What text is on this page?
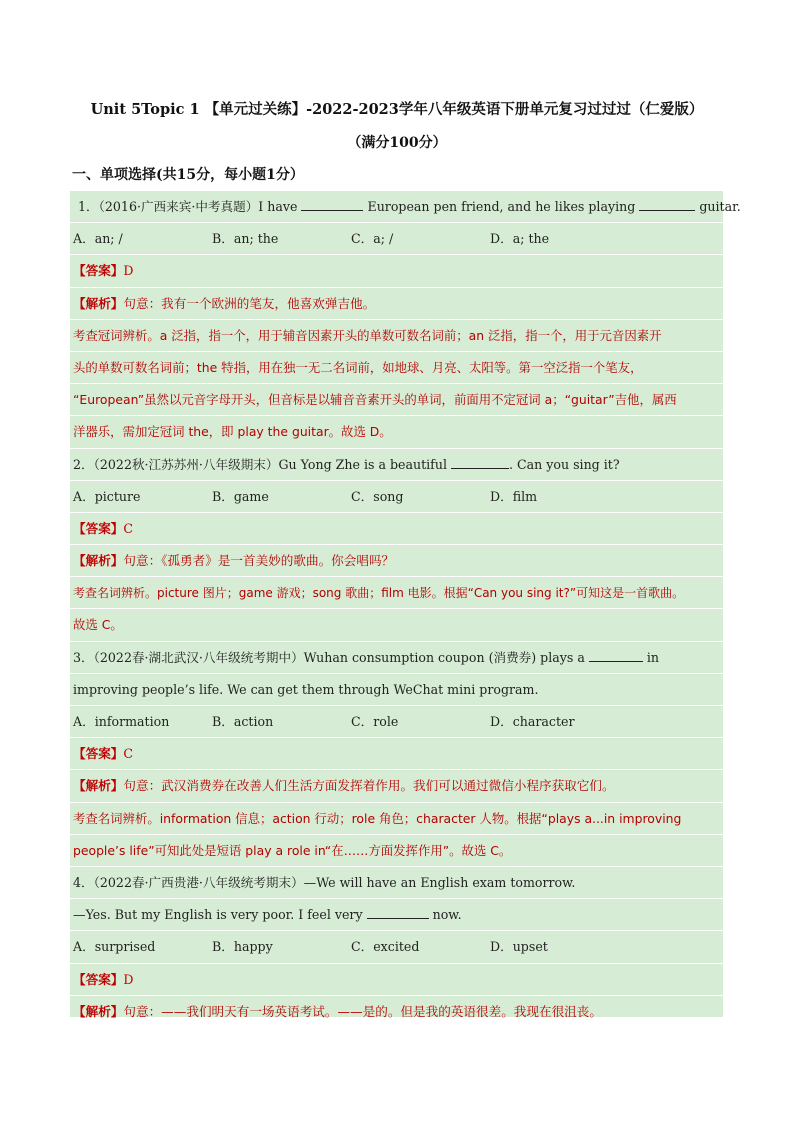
Unit 5Topic 1 【单元过关练】-2022-2023学年八年级英语下册单元复习过过过（仁爱版）
（满分100分）
一、单项选择(共15分，每小题1分）
1．（2016·广西来宾·中考真题）I have	European pen friend, and he likes playing	guitar.
A．an; /	B．an; the	C．a; /	D．a; the
【答案】D
【解析】句意：我有一个欧洲的笔友，他喜欢弹吉他。
考查冠词辨析。a 泛指，指一个，用于辅音因素开头的单数可数名词前；an 泛指，指一个，用于元音因素开
头的单数可数名词前；the 特指，用在独一无二名词前，如地球、月亮、太阳等。第一空泛指一个笔友，
“European”虽然以元音字母开头，但音标是以辅音音素开头的单词，前面用不定冠词 a；“guitar”吉他，属西
洋器乐，需加定冠词 the，即 play the guitar。故选 D。
2．（2022秋·江苏苏州·八年级期末）Gu Yong Zhe is a beautiful	. Can you sing it?
A．picture	B．game	C．song	D．film
【答案】C
【解析】句意：《孤勇者》是一首美妙的歌曲。你会唱吗？
考查名词辨析。picture 图片；game 游戏；song 歌曲；film 电影。根据“Can you sing it?”可知这是一首歌曲。
故选 C。
3．（2022春·湖北武汉·八年级统考期中）Wuhan consumption coupon (消费券) plays a	in
improving people’s life. We can get them through WeChat mini program.
A．information	B．action	C．role	D．character
【答案】C
【解析】句意：武汉消费券在改善人们生活方面发挥着作用。我们可以通过微信小程序获取它们。
考查名词辨析。information 信息；action 行动；role 角色；character 人物。根据“plays a...in improving
people’s life”可知此处是短语 play a role in“在……方面发挥作用”。故选 C。
4．（2022春·广西贵港·八年级统考期末）—We will have an English exam tomorrow.
—Yes. But my English is very poor. I feel very	now.
A．surprised	B．happy	C．excited	D．upset
【答案】D
【解析】句意：——我们明天有一场英语考试。——是的。但是我的英语很差。我现在很沮丧。
